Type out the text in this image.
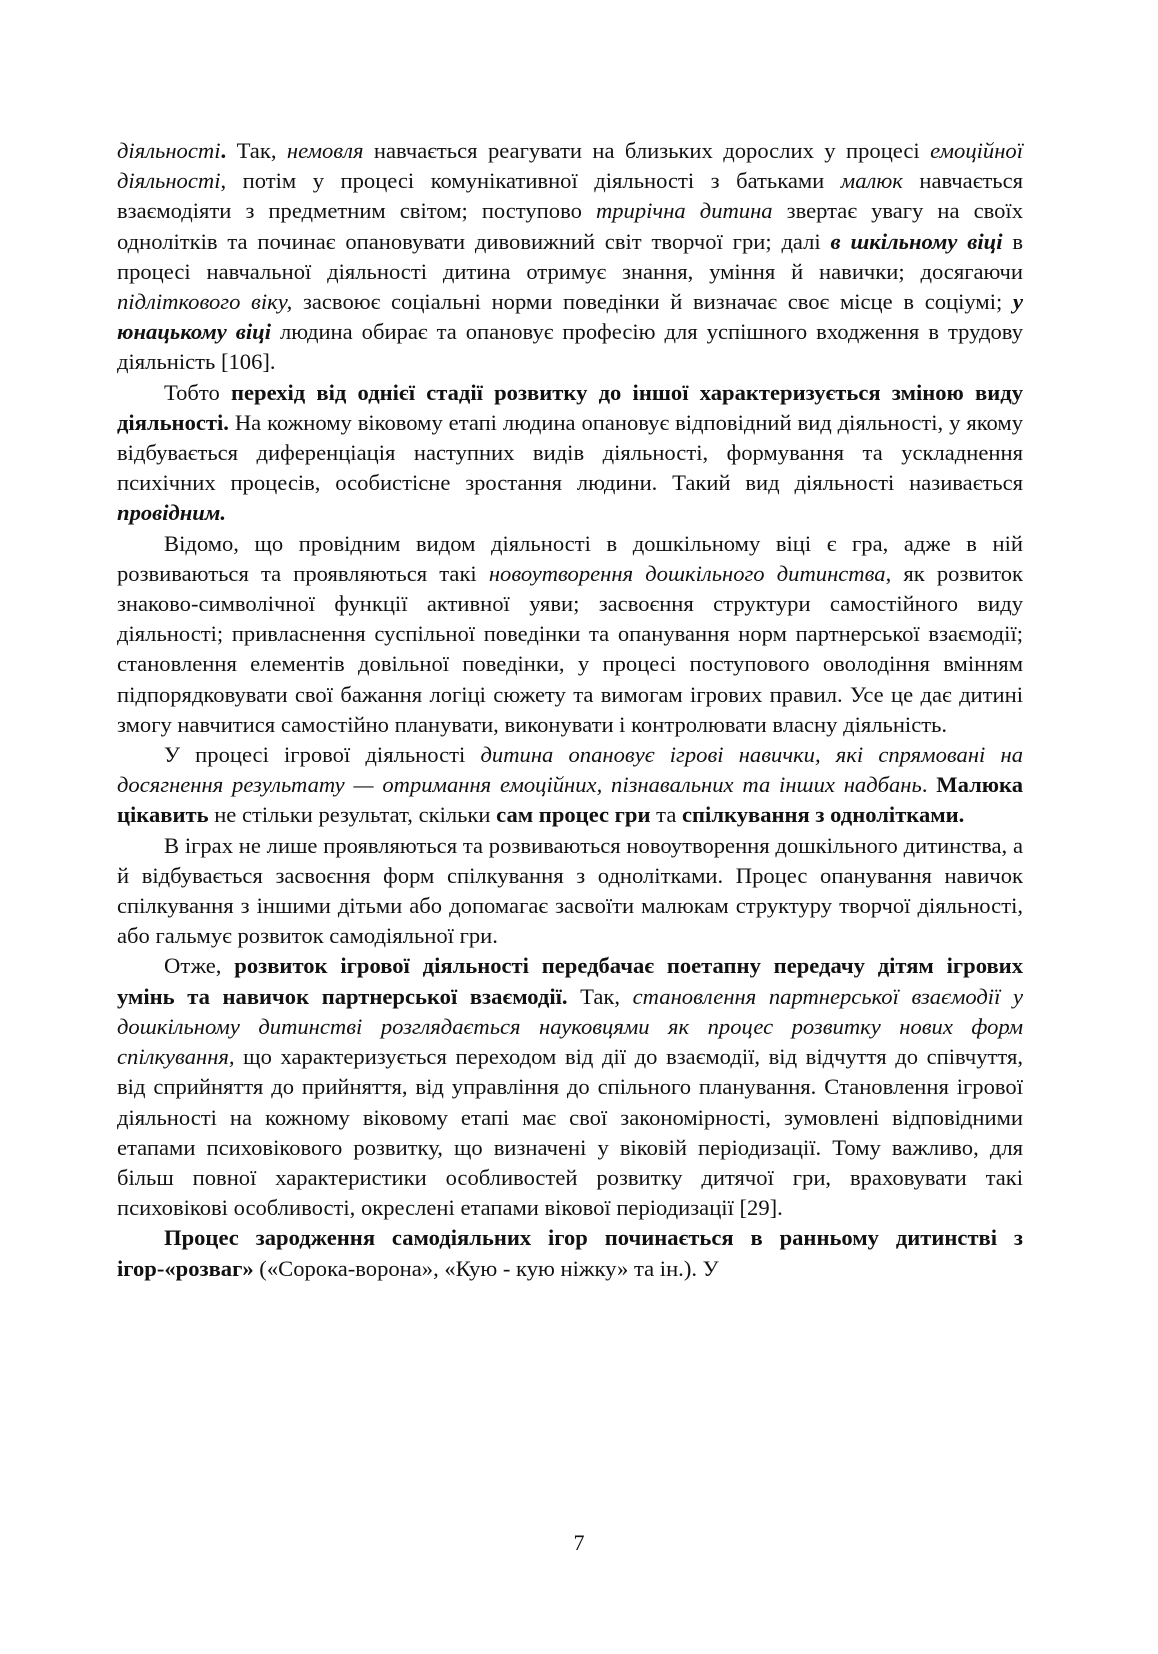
діяльності. Так, немовля навчається реагувати на близьких дорослих у процесі емоційної діяльності, потім у процесі комунікативної діяльності з батьками малюк навчається взаємодіяти з предметним світом; поступово трирічна дитина звертає увагу на своїх однолітків та починає опановувати дивовижний світ творчої гри; далі в шкільному віці в процесі навчальної діяльності дитина отримує знання, уміння й навички; досягаючи підліткового віку, засвоює соціальні норми поведінки й визначає своє місце в соціумі; у юнацькому віці людина обирає та опановує професію для успішного входження в трудову діяльність [106].

Тобто перехід від однієї стадії розвитку до іншої характеризується зміною виду діяльності. На кожному віковому етапі людина опановує відповідний вид діяльності, у якому відбувається диференціація наступних видів діяльності, формування та ускладнення психічних процесів, особистісне зростання людини. Такий вид діяльності називається провідним.

Відомо, що провідним видом діяльності в дошкільному віці є гра, адже в ній розвиваються та проявляються такі новоутворення дошкільного дитинства, як розвиток знаково-символічної функції активної уяви; засвоєння структури самостійного виду діяльності; привласнення суспільної поведінки та опанування норм партнерської взаємодії; становлення елементів довільної поведінки, у процесі поступового оволодіння вмінням підпорядковувати свої бажання логіці сюжету та вимогам ігрових правил. Усе це дає дитині змогу навчитися самостійно планувати, виконувати і контролювати власну діяльність.

У процесі ігрової діяльності дитина опановує ігрові навички, які спрямовані на досягнення результату — отримання емоційних, пізнавальних та інших надбань. Малюка цікавить не стільки результат, скільки сам процес гри та спілкування з однолітками.

В іграх не лише проявляються та розвиваються новоутворення дошкільного дитинства, а й відбувається засвоєння форм спілкування з однолітками. Процес опанування навичок спілкування з іншими дітьми або допомагає засвоїти малюкам структуру творчої діяльності, або гальмує розвиток самодіяльної гри.

Отже, розвиток ігрової діяльності передбачає поетапну передачу дітям ігрових умінь та навичок партнерської взаємодії. Так, становлення партнерської взаємодії у дошкільному дитинстві розглядається науковцями як процес розвитку нових форм спілкування, що характеризується переходом від дії до взаємодії, від відчуття до співчуття, від сприйняття до прийняття, від управління до спільного планування. Становлення ігрової діяльності на кожному віковому етапі має свої закономірності, зумовлені відповідними етапами психовікового розвитку, що визначені у віковій періодизації. Тому важливо, для більш повної характеристики особливостей розвитку дитячої гри, враховувати такі психовікові особливості, окреслені етапами вікової періодизації [29].

Процес зародження самодіяльних ігор починається в ранньому дитинстві з ігор-«розваг» («Сорока-ворона», «Кую - кую ніжку» та ін.). У

7
